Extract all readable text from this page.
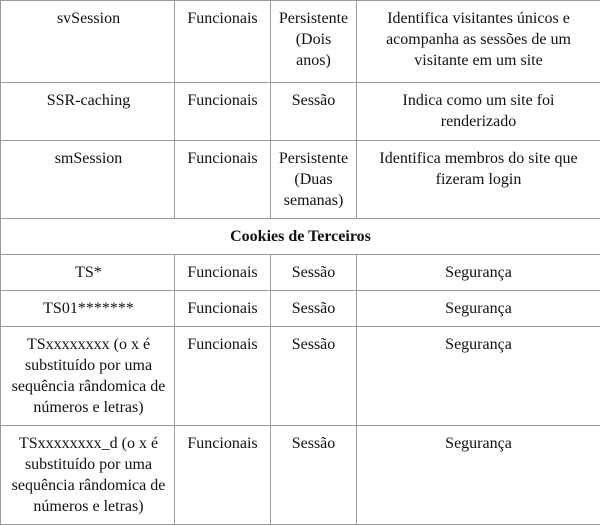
svSession	Funcionais	Persistente (Dois anos)	Identifica visitantes únicos e acompanha as sessões de um visitante em um site
SSR-caching	Funcionais	Sessão	Indica como um site foi renderizado
smSession	Funcionais	Persistente (Duas semanas)	Identifica membros do site que fizeram login
Cookies de Terceiros			
TS*	Funcionais	Sessão	Segurança
TS01*******	Funcionais	Sessão	Segurança
TSxxxxxxxx (o x é substituído por uma sequência rândomica de números e letras)	Funcionais	Sessão	Segurança
TSxxxxxxxx_d (o x é substituído por uma sequência rândomica de números e letras)	Funcionais	Sessão	Segurança
